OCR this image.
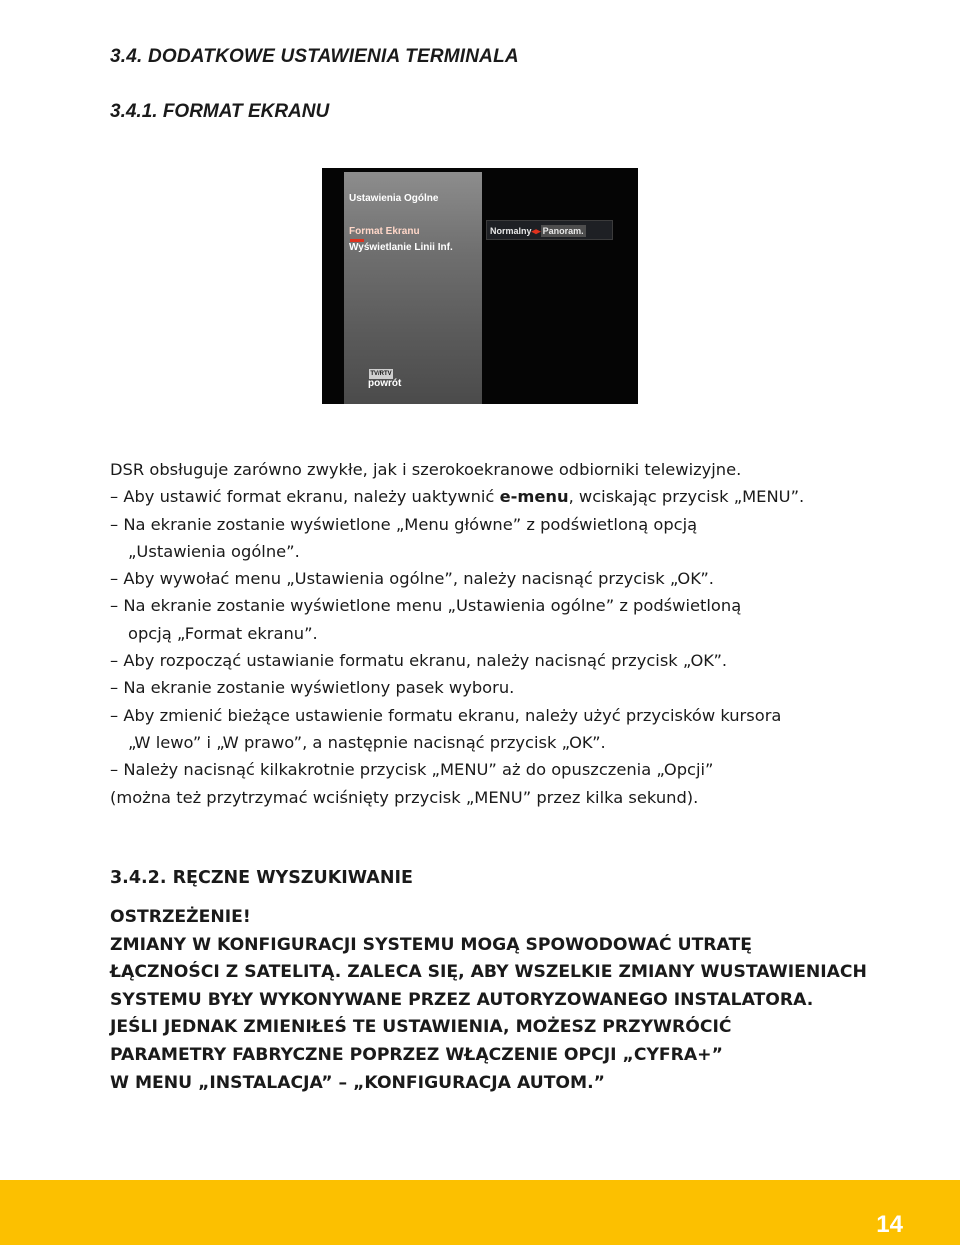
3.4. DODATKOWE USTAWIENIA TERMINALA
3.4.1. FORMAT EKRANU
Ustawienia Ogólne
Format Ekranu
Wyświetlanie Linii Inf.
Normalny◂▸ Panoram.
TV/RTV
powrót
DSR obsługuje zarówno zwykłe, jak i szerokoekranowe odbiorniki telewizyjne.
– Aby ustawić format ekranu, należy uaktywnić e-menu, wciskając przycisk „MENU”.
– Na ekranie zostanie wyświetlone „Menu główne” z podświetloną opcją
„Ustawienia ogólne”.
– Aby wywołać menu „Ustawienia ogólne”, należy nacisnąć przycisk „OK”.
– Na ekranie zostanie wyświetlone menu „Ustawienia ogólne” z podświetloną
opcją „Format ekranu”.
– Aby rozpocząć ustawianie formatu ekranu, należy nacisnąć przycisk „OK”.
– Na ekranie zostanie wyświetlony pasek wyboru.
– Aby zmienić bieżące ustawienie formatu ekranu, należy użyć przycisków kursora
„W lewo” i „W prawo”, a następnie nacisnąć przycisk „OK”.
– Należy nacisnąć kilkakrotnie przycisk „MENU” aż do opuszczenia „Opcji”
(można też przytrzymać wciśnięty przycisk „MENU” przez kilka sekund).
3.4.2. RĘCZNE WYSZUKIWANIE
OSTRZEŻENIE!
ZMIANY W KONFIGURACJI SYSTEMU MOGĄ SPOWODOWAĆ UTRATĘ
ŁĄCZNOŚCI Z SATELITĄ. ZALECA SIĘ, ABY WSZELKIE ZMIANY WUSTAWIENIACH
SYSTEMU BYŁY WYKONYWANE PRZEZ AUTORYZOWANEGO INSTALATORA.
JEŚLI JEDNAK ZMIENIŁEŚ TE USTAWIENIA, MOŻESZ PRZYWRÓCIĆ
PARAMETRY FABRYCZNE POPRZEZ WŁĄCZENIE OPCJI „CYFRA+”
W MENU „INSTALACJA” – „KONFIGURACJA AUTOM.”
14
